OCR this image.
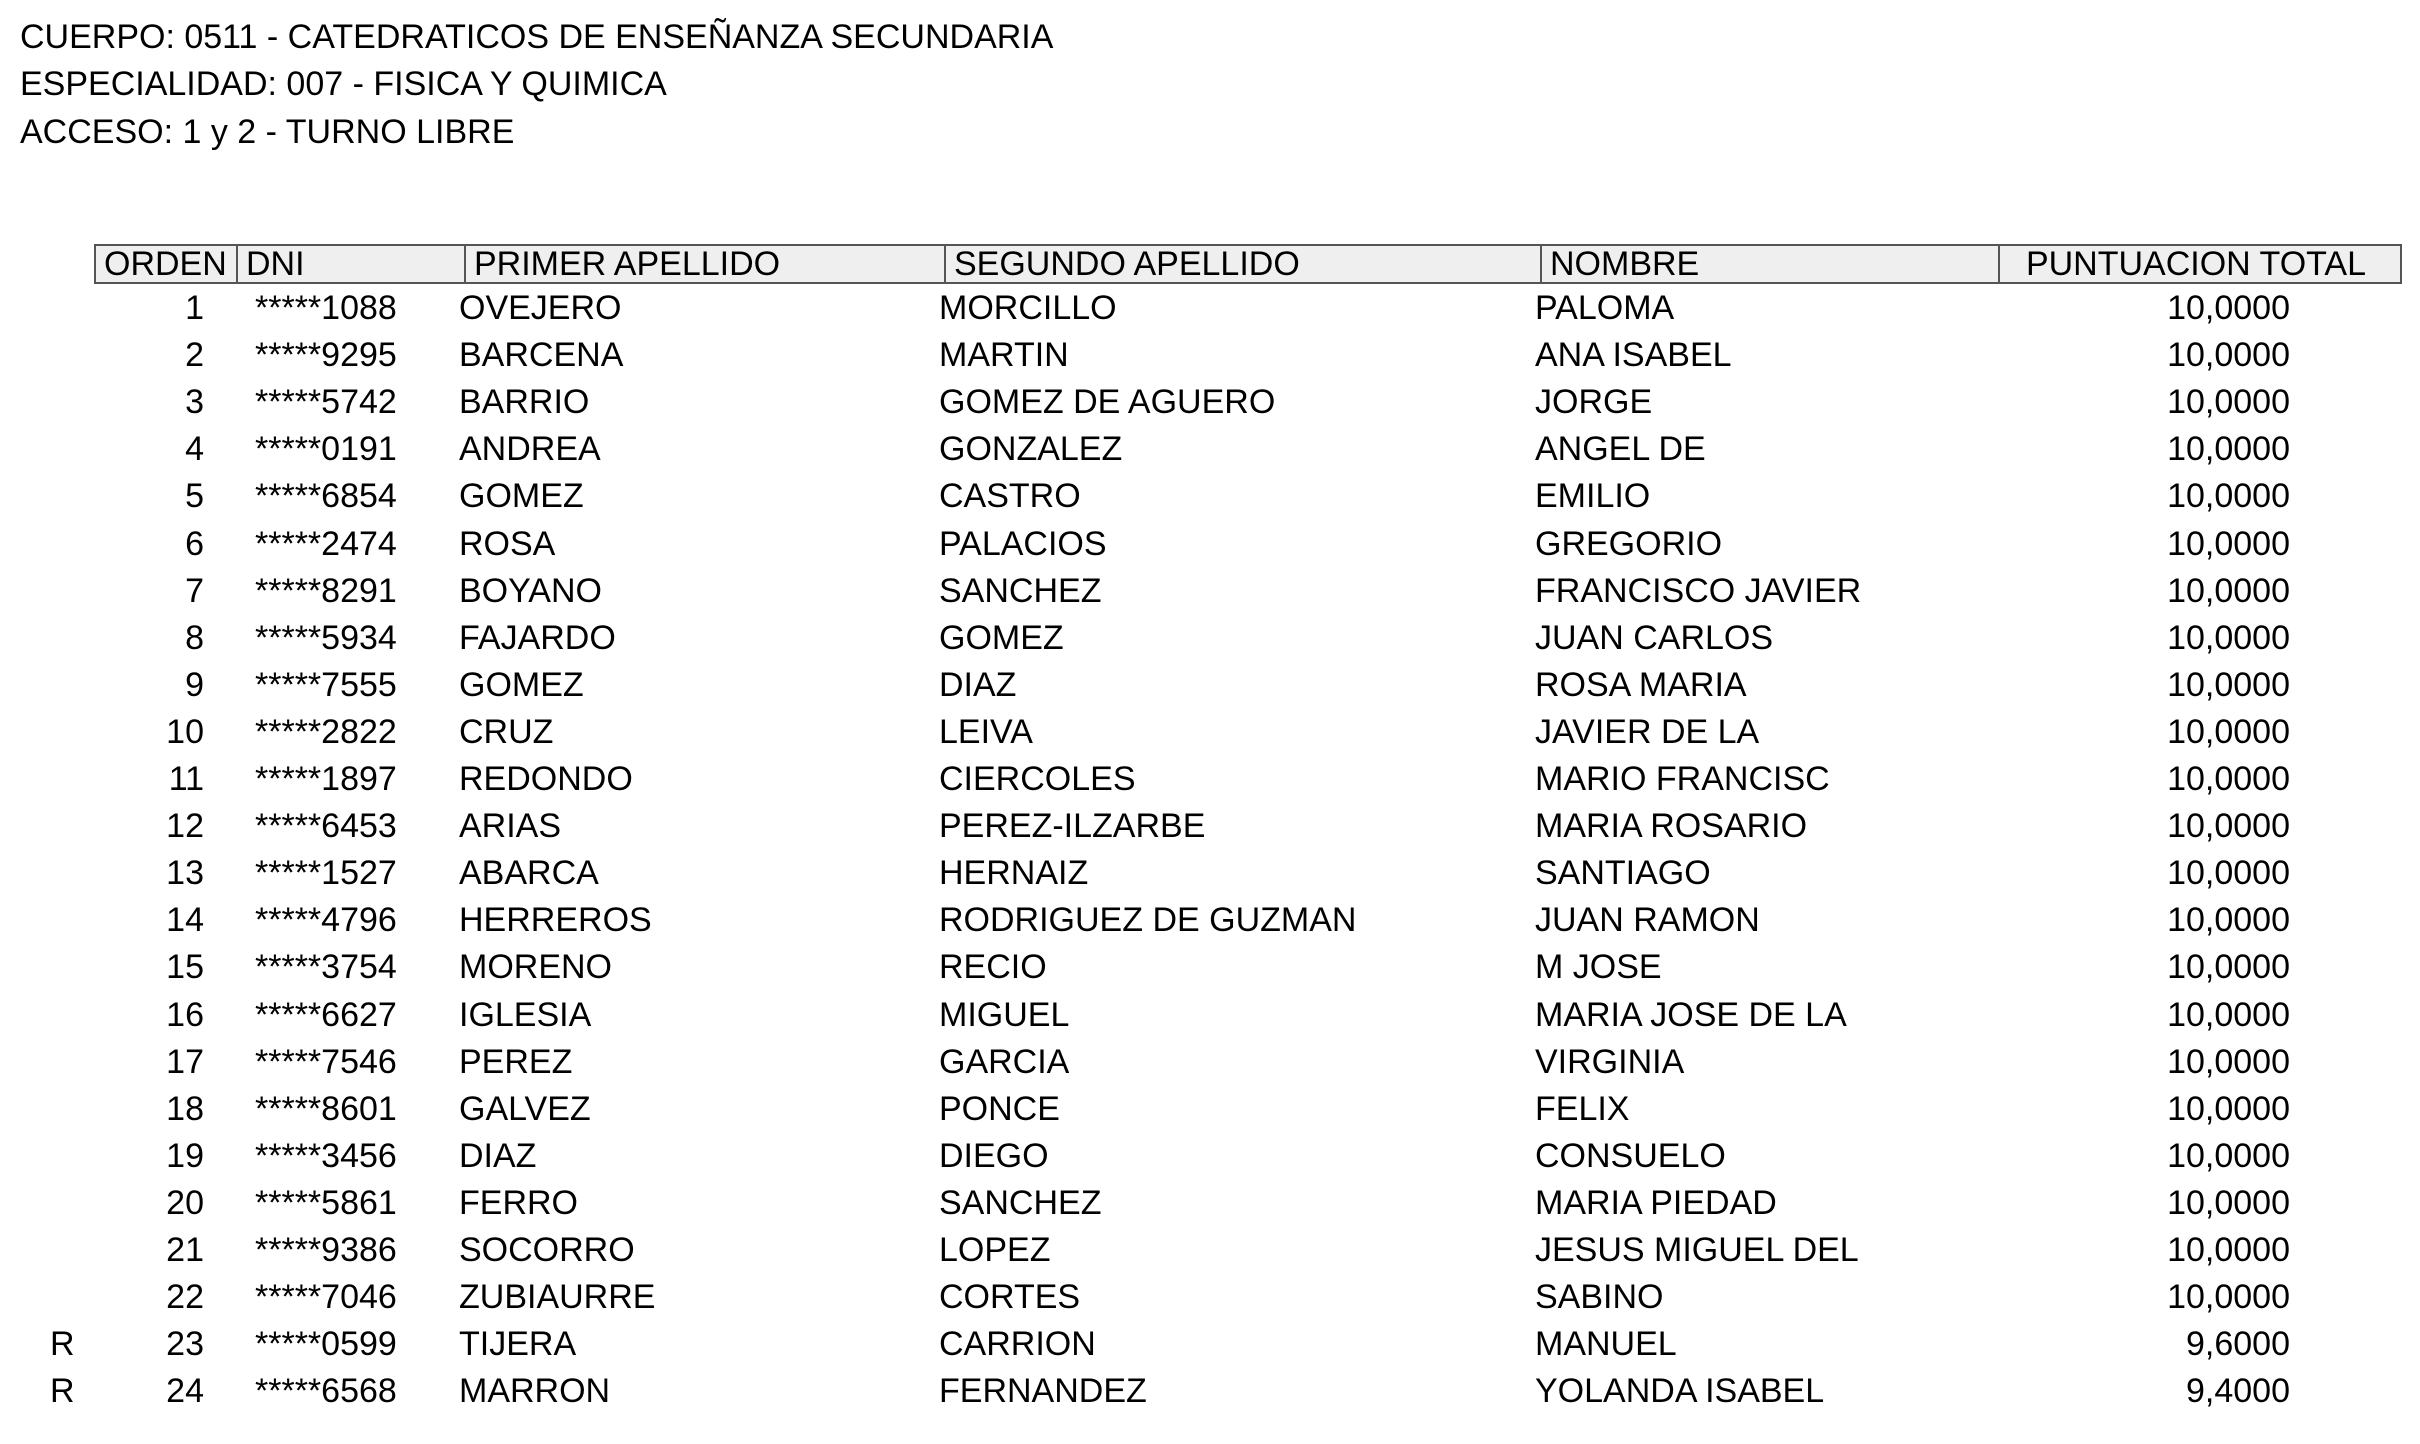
CUERPO: 0511 - CATEDRATICOS DE ENSEÑANZA SECUNDARIA
ESPECIALIDAD: 007 - FISICA Y QUIMICA
ACCESO: 1 y 2 - TURNO LIBRE
ORDEN DNI	PRIMER APELLIDO	SEGUNDO APELLIDO	NOMBRE	PUNTUACION TOTAL
1 *****1088 OVEJERO	MORCILLO	PALOMA	10,0000
2 *****9295 BARCENA	MARTIN	ANA ISABEL	10,0000
3 *****5742 BARRIO	GOMEZ DE AGUERO	JORGE	10,0000
4 *****0191 ANDREA	GONZALEZ	ANGEL DE	10,0000
5 *****6854 GOMEZ	CASTRO	EMILIO	10,0000
6 *****2474 ROSA	PALACIOS	GREGORIO	10,0000
7 *****8291 BOYANO	SANCHEZ	FRANCISCO JAVIER	10,0000
8 *****5934 FAJARDO	GOMEZ	JUAN CARLOS	10,0000
9 *****7555 GOMEZ	DIAZ	ROSA MARIA	10,0000
10 *****2822 CRUZ	LEIVA	JAVIER DE LA	10,0000
11 *****1897 REDONDO	CIERCOLES	MARIO FRANCISC	10,0000
12 *****6453 ARIAS	PEREZ-ILZARBE	MARIA ROSARIO	10,0000
13 *****1527 ABARCA	HERNAIZ	SANTIAGO	10,0000
14 *****4796 HERREROS	RODRIGUEZ DE GUZMAN	JUAN RAMON	10,0000
15 *****3754 MORENO	RECIO	M JOSE	10,0000
16 *****6627 IGLESIA	MIGUEL	MARIA JOSE DE LA	10,0000
17 *****7546 PEREZ	GARCIA	VIRGINIA	10,0000
18 *****8601 GALVEZ	PONCE	FELIX	10,0000
19 *****3456 DIAZ	DIEGO	CONSUELO	10,0000
20 *****5861 FERRO	SANCHEZ	MARIA PIEDAD	10,0000
21 *****9386 SOCORRO	LOPEZ	JESUS MIGUEL DEL	10,0000
22 *****7046 ZUBIAURRE	CORTES	SABINO	10,0000
R	23 *****0599 TIJERA	CARRION	MANUEL	9,6000
R	24 *****6568 MARRON	FERNANDEZ	YOLANDA ISABEL	9,4000
